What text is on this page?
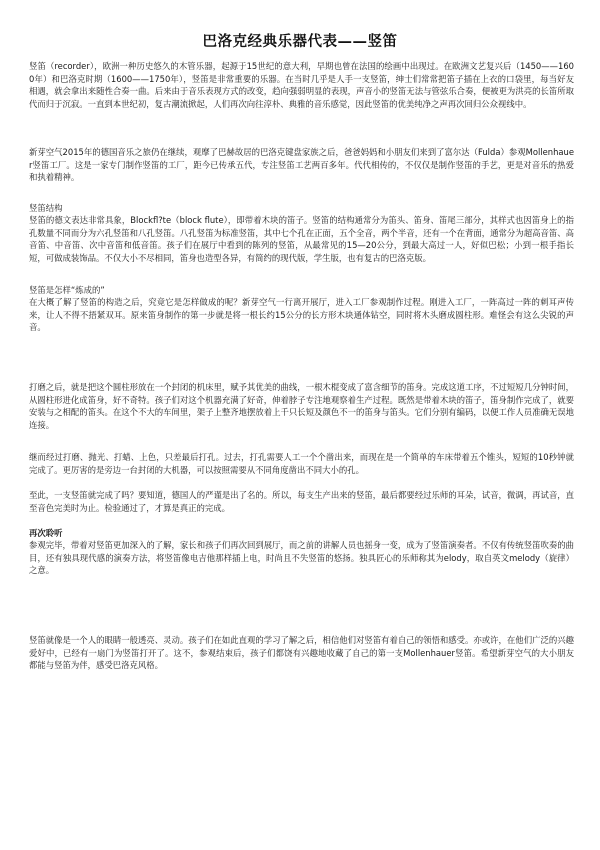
巴洛克经典乐器代表——竖笛

竖笛（recorder），欧洲一种历史悠久的木管乐器，起源于15世纪的意大利，早期也曾在法国的绘画中出现过。在欧洲文艺复兴后（1450——1600年）和巴洛克时期（1600——1750年），竖笛是非常重要的乐器。在当时几乎是人手一支竖笛，绅士们常常把笛子插在上衣的口袋里，每当好友相遇，就会拿出来随性合奏一曲。后来由于音乐表现方式的改变，趋向强弱明显的表现，声音小的竖笛无法与管弦乐合奏，便被更为洪亮的长笛所取代而归于沉寂。一直到本世纪初，复古潮流掀起，人们再次向往淳朴、典雅的音乐感觉，因此竖笛的优美纯净之声再次回归公众视线中。

新芽空气2015年的德国音乐之旅仍在继续，观摩了巴赫故居的巴洛克键盘家族之后，爸爸妈妈和小朋友们来到了富尔达（Fulda）参观Mollenhauer竖笛工厂。这是一家专门制作竖笛的工厂，距今已传承五代，专注竖笛工艺两百多年。代代相传的，不仅仅是制作竖笛的手艺，更是对音乐的热爱和执着精神。

竖笛结构

竖笛的德文表达非常具象，Blockfl?te（block flute），即带着木块的笛子。竖笛的结构通常分为笛头、笛身、笛尾三部分，其样式也因笛身上的指孔数量不同而分为六孔竖笛和八孔竖笛。八孔竖笛为标准竖笛，其中七个孔在正面，五个全音，两个半音，还有一个在背面，通常分为超高音笛、高音笛、中音笛、次中音笛和低音笛。孩子们在展厅中看到的陈列的竖笛，从最常见的15—20公分，到最大高过一人，好似巴松；小到一根手指长短，可做成装饰品。不仅大小不尽相同，笛身也造型各异，有简约的现代版，学生版，也有复古的巴洛克版。

竖笛是怎样“炼成的”

在大概了解了竖笛的构造之后，究竟它是怎样做成的呢？新芽空气一行离开展厅，进入工厂参观制作过程。刚进入工厂，一阵高过一阵的刺耳声传来，让人不得不捂紧双耳。原来笛身制作的第一步就是将一根长约15公分的长方形木块通体钻空，同时将木头磨成圆柱形。难怪会有这么尖锐的声音。

打磨之后，就是把这个圆柱形放在一个封闭的机床里，赋予其优美的曲线，一根木棍变成了富含细节的笛身。完成这道工序，不过短短几分钟时间，从圆柱形进化成笛身，好不奇特。孩子们对这个机器充满了好奇，伸着脖子专注地观察着生产过程。既然是带着木块的笛子，笛身制作完成了，就要安装与之相配的笛头。在这个不大的车间里，架子上整齐地摆放着上千只长短及颜色不一的笛身与笛头。它们分别有编码，以便工作人员准确无误地连接。

继而经过打磨、抛光、打蜡、上色，只差最后打孔。过去，打孔需要人工一个个凿出来，而现在是一个简单的车床带着五个锥头，短短的10秒钟就完成了。更厉害的是旁边一台封闭的大机器，可以按照需要从不同角度凿出不同大小的孔。

至此，一支竖笛就完成了吗？要知道，德国人的严谨是出了名的。所以，每支生产出来的竖笛，最后都要经过乐师的耳朵，试音，微调，再试音，直至音色完美时为止。检验通过了，才算是真正的完成。

再次聆听

参观完毕，带着对竖笛更加深入的了解，家长和孩子们再次回到展厅，而之前的讲解人员也摇身一变，成为了竖笛演奏者。不仅有传统竖笛吹奏的曲目，还有独具现代感的演奏方法，将竖笛像电吉他那样插上电，时尚且不失竖笛的悠扬。独具匠心的乐师称其为elody，取自英文melody（旋律）之意。

竖笛就像是一个人的眼睛一般透亮、灵动。孩子们在如此直观的学习了解之后，相信他们对竖笛有着自己的领悟和感受。亦或许，在他们广泛的兴趣爱好中，已经有一扇门为竖笛打开了。这不，参观结束后，孩子们都饶有兴趣地收藏了自己的第一支Mollenhauer竖笛。希望新芽空气的大小朋友都能与竖笛为伴，感受巴洛克风格。
